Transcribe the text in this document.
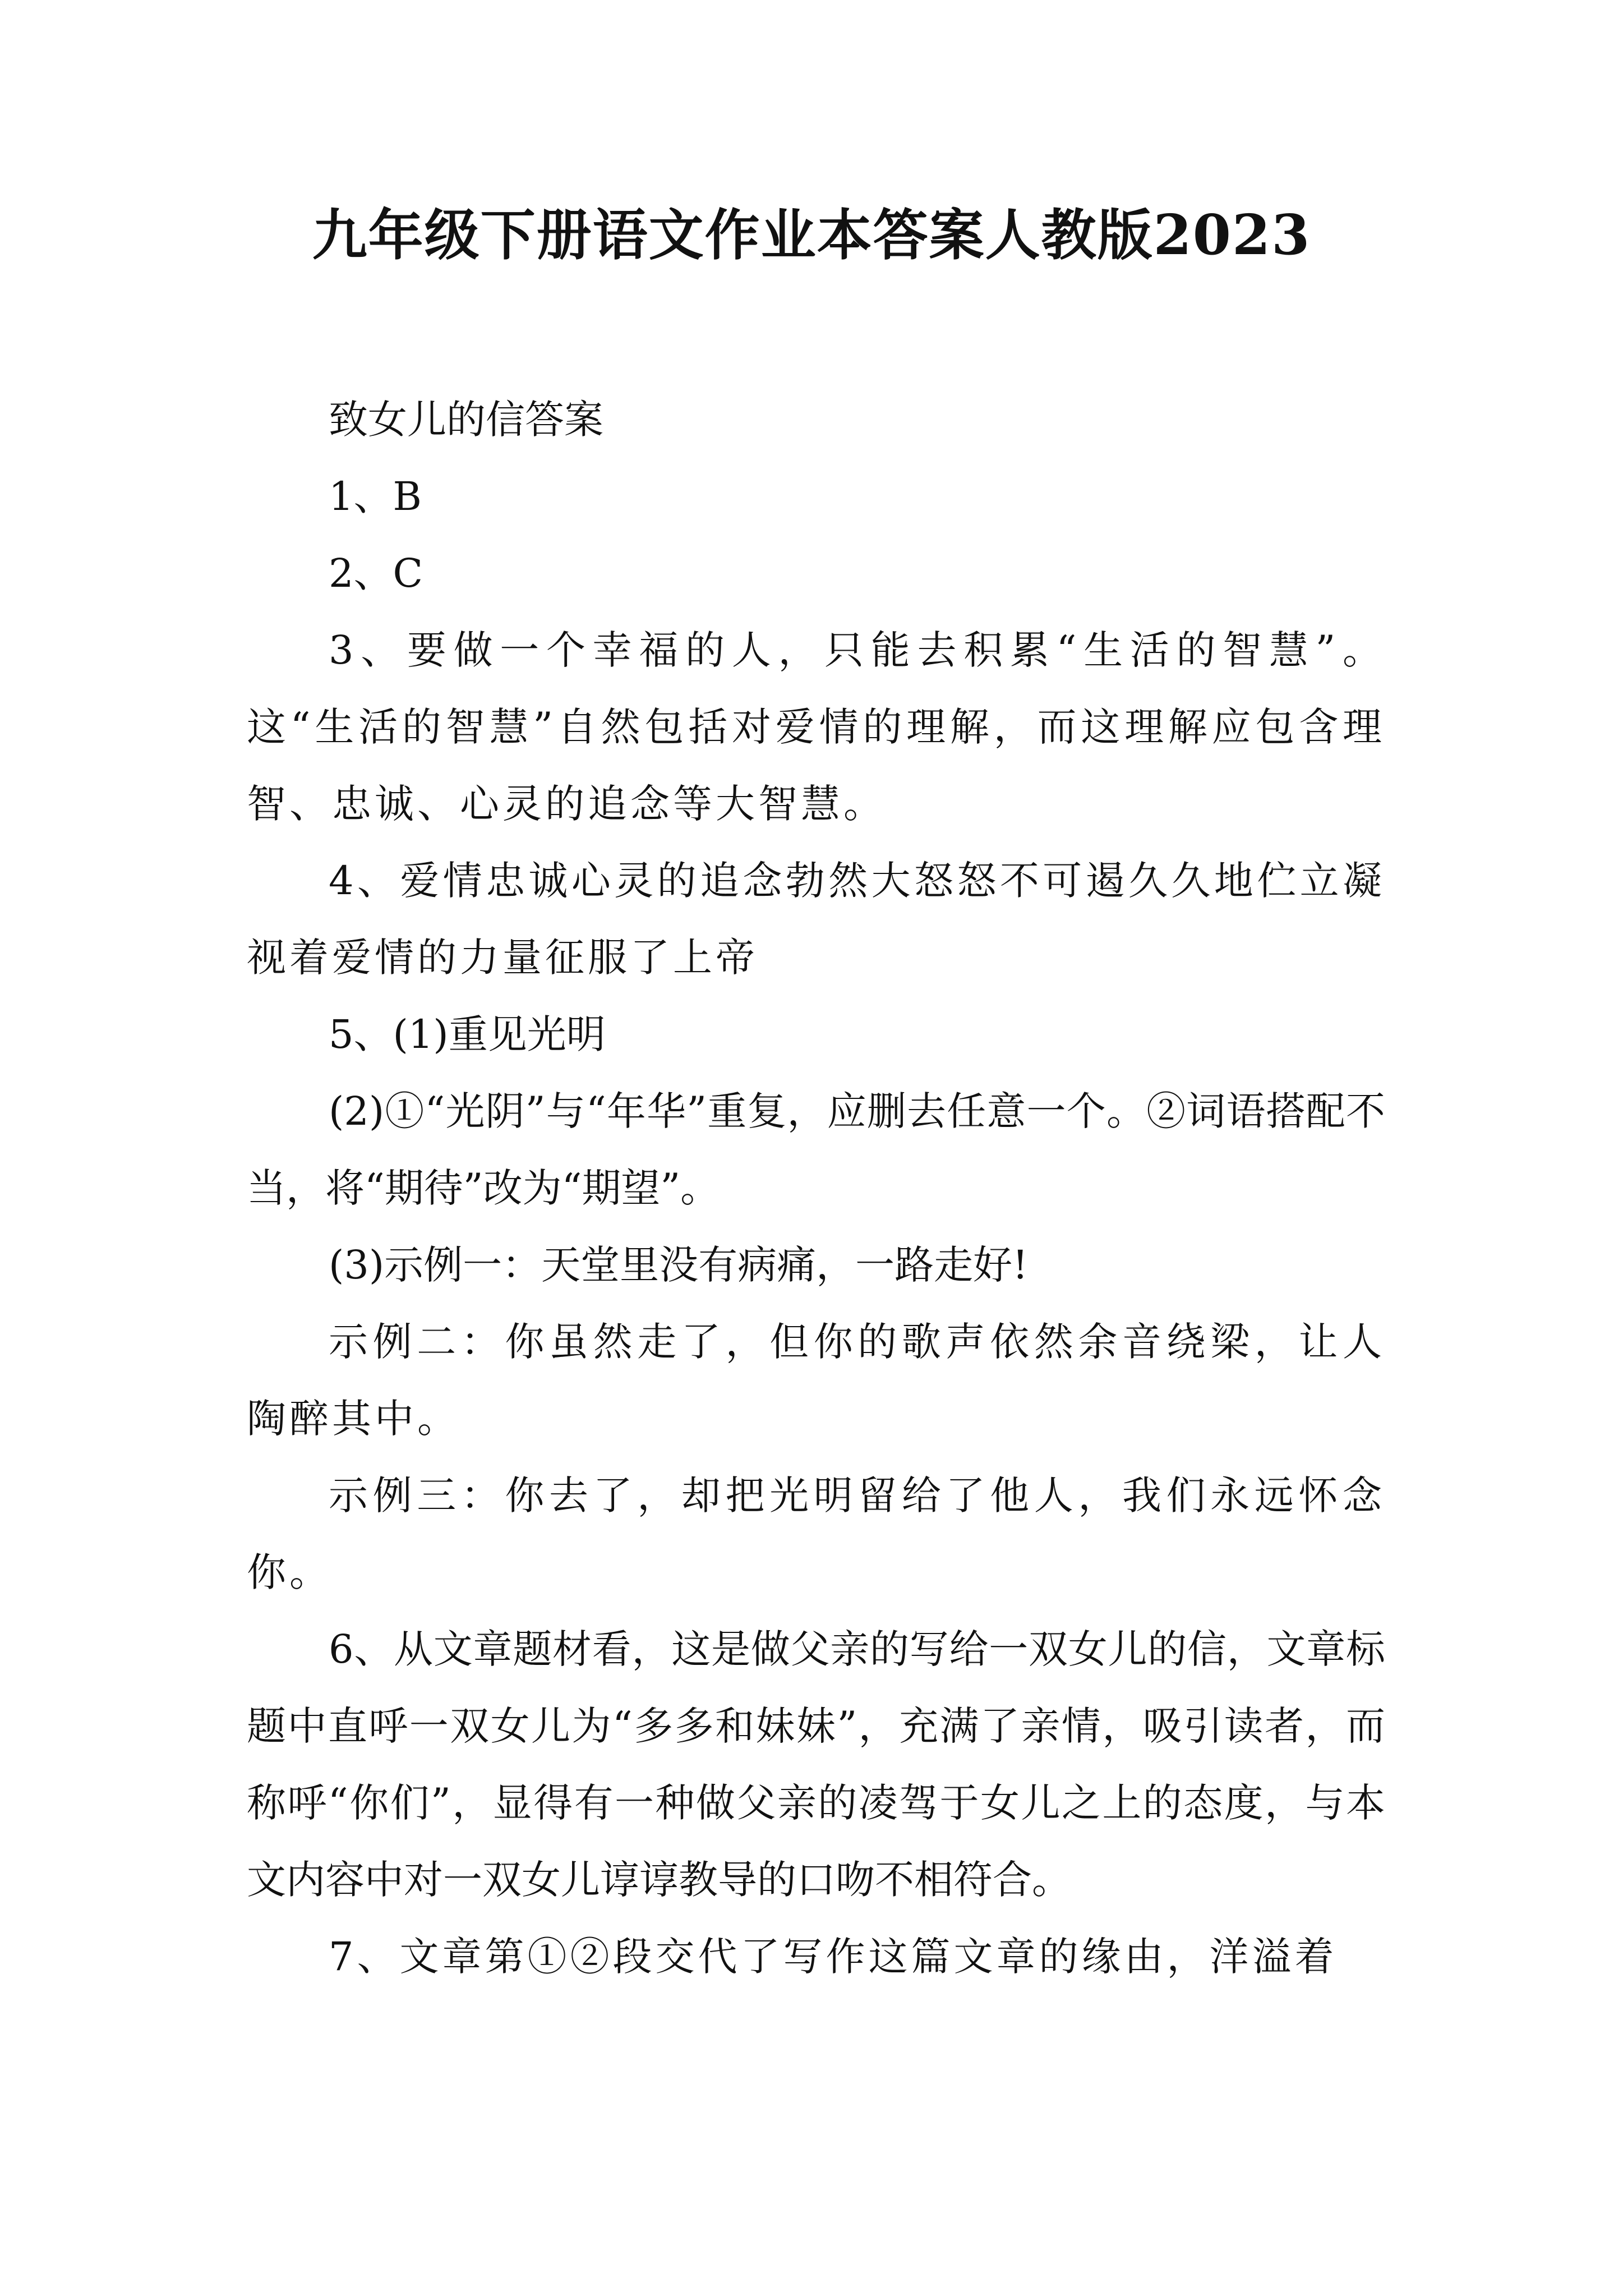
九年级下册语文作业本答案人教版2023

致女儿的信答案

1、B

2、C

3、要做一个幸福的人，只能去积累“生活的智慧”。这“生活的智慧”自然包括对爱情的理解，而这理解应包含理智、忠诚、心灵的追念等大智慧。

4、爱情忠诚心灵的追念勃然大怒怒不可遏久久地伫立凝视着爱情的力量征服了上帝

5、(1)重见光明

(2)①“光阴”与“年华”重复，应删去任意一个。②词语搭配不当，将“期待”改为“期望”。

(3)示例一：天堂里没有病痛，一路走好!

示例二：你虽然走了，但你的歌声依然余音绕梁，让人陶醉其中。

示例三：你去了，却把光明留给了他人，我们永远怀念你。

6、从文章题材看，这是做父亲的写给一双女儿的信，文章标题中直呼一双女儿为“多多和妹妹”，充满了亲情，吸引读者，而称呼“你们”，显得有一种做父亲的凌驾于女儿之上的态度，与本文内容中对一双女儿谆谆教导的口吻不相符合。

7、文章第①②段交代了写作这篇文章的缘由，洋溢着
